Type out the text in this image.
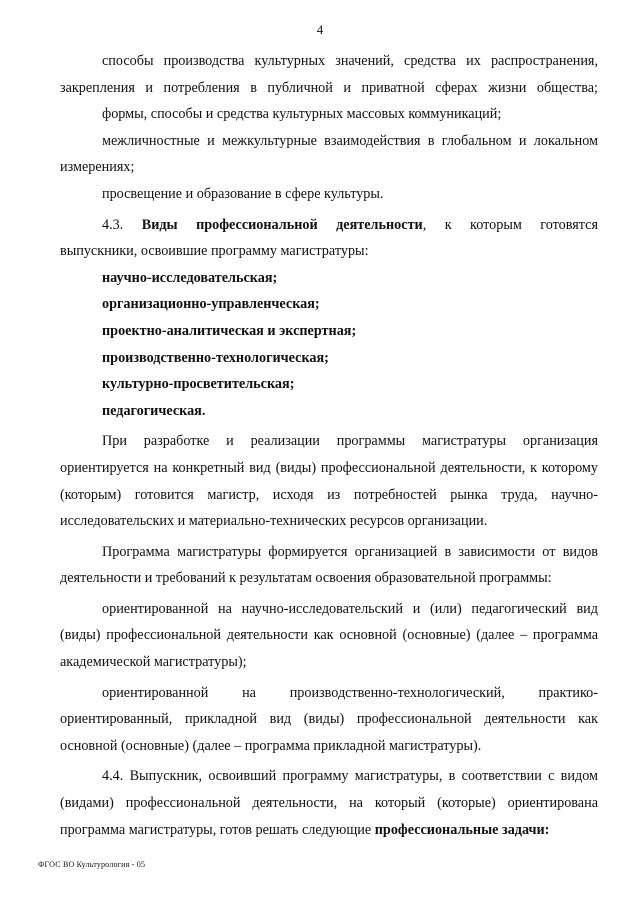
4

способы производства культурных значений, средства их распространения,

закрепления и потребления в публичной и приватной сферах жизни общества;

формы, способы и средства культурных массовых коммуникаций;

межличностные и межкультурные взаимодействия в глобальном и локальном

измерениях;

просвещение и образование в сфере культуры.

4.3. Виды профессиональной деятельности, к которым готовятся

выпускники, освоившие программу магистратуры:

научно-исследовательская;

организационно-управленческая;

проектно-аналитическая и экспертная;

производственно-технологическая;

культурно-просветительская;

педагогическая.

При разработке и реализации программы магистратуры организация ориентируется на конкретный вид (виды) профессиональной деятельности, к которому (которым) готовится магистр, исходя из потребностей рынка труда, научно-исследовательских и материально-технических ресурсов организации.

Программа магистратуры формируется организацией в зависимости от видов деятельности и требований к результатам освоения образовательной программы:

ориентированной на научно-исследовательский и (или) педагогический вид (виды) профессиональной деятельности как основной (основные) (далее – программа академической магистратуры);

ориентированной на производственно-технологический, практико-ориентированный, прикладной вид (виды) профессиональной деятельности как основной (основные) (далее – программа прикладной магистратуры).

4.4. Выпускник, освоивший программу магистратуры, в соответствии с видом (видами) профессиональной деятельности, на который (которые) ориентирована программа магистратуры, готов решать следующие профессиональные задачи:

ФГОС ВО Культурология - 05
